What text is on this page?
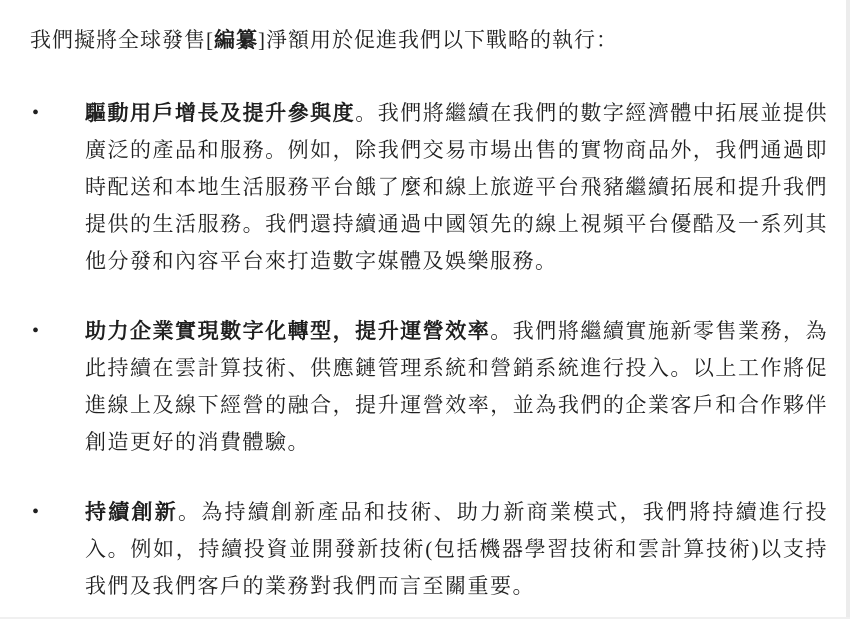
我們擬將全球發售[編纂]淨額用於促進我們以下戰略的執行：

• 驅動用戶增長及提升參與度。我們將繼續在我們的數字經濟體中拓展並提供廣泛的產品和服務。例如，除我們交易市場出售的實物商品外，我們通過即時配送和本地生活服務平台餓了麼和線上旅遊平台飛豬繼續拓展和提升我們提供的生活服務。我們還持續通過中國領先的線上視頻平台優酷及一系列其他分發和內容平台來打造數字媒體及娛樂服務。

• 助力企業實現數字化轉型，提升運營效率。我們將繼續實施新零售業務，為此持續在雲計算技術、供應鏈管理系統和營銷系統進行投入。以上工作將促進線上及線下經營的融合，提升運營效率，並為我們的企業客戶和合作夥伴創造更好的消費體驗。

• 持續創新。為持續創新產品和技術、助力新商業模式，我們將持續進行投入。例如，持續投資並開發新技術(包括機器學習技術和雲計算技術)以支持我們及我們客戶的業務對我們而言至關重要。
